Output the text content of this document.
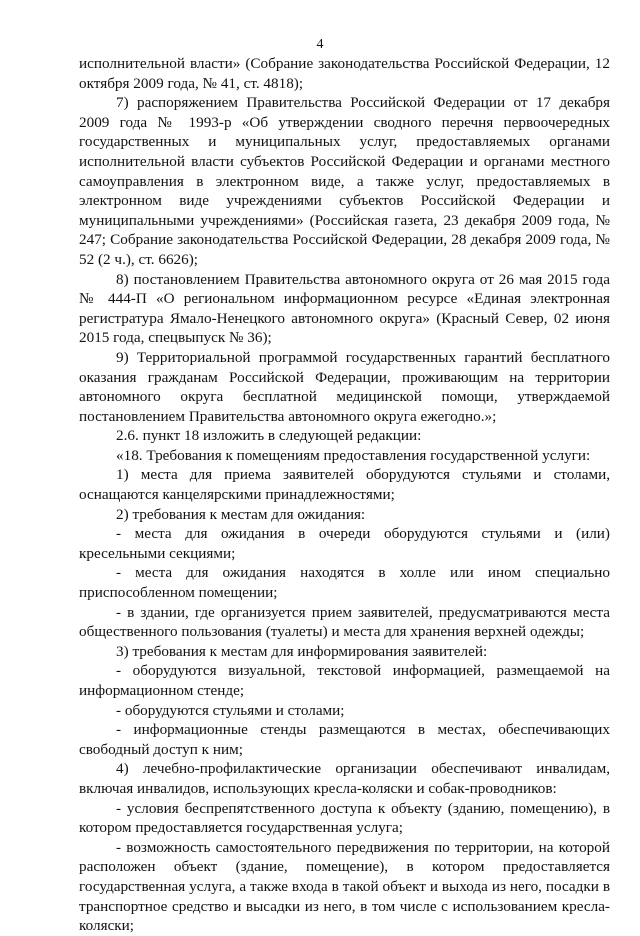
4

исполнительной власти» (Собрание законодательства Российской Федерации, 12 октября 2009 года, № 41, ст. 4818);

7) распоряжением Правительства Российской Федерации от 17 декабря 2009 года № 1993-р «Об утверждении сводного перечня первоочередных государственных и муниципальных услуг, предоставляемых органами исполнительной власти субъектов Российской Федерации и органами местного самоуправления в электронном виде, а также услуг, предоставляемых в электронном виде учреждениями субъектов Российской Федерации и муниципальными учреждениями» (Российская газета, 23 декабря 2009 года, № 247; Собрание законодательства Российской Федерации, 28 декабря 2009 года, № 52 (2 ч.), ст. 6626);

8) постановлением Правительства автономного округа от 26 мая 2015 года № 444-П «О региональном информационном ресурсе «Единая электронная регистратура Ямало-Ненецкого автономного округа» (Красный Север, 02 июня 2015 года, спецвыпуск № 36);

9) Территориальной программой государственных гарантий бесплатного оказания гражданам Российской Федерации, проживающим на территории автономного округа бесплатной медицинской помощи, утверждаемой постановлением Правительства автономного округа ежегодно.»;

2.6. пункт 18 изложить в следующей редакции:

«18. Требования к помещениям предоставления государственной услуги:

1) места для приема заявителей оборудуются стульями и столами, оснащаются канцелярскими принадлежностями;

2) требования к местам для ожидания:

- места для ожидания в очереди оборудуются стульями и (или) кресельными секциями;

- места для ожидания находятся в холле или ином специально приспособленном помещении;

- в здании, где организуется прием заявителей, предусматриваются места общественного пользования (туалеты) и места для хранения верхней одежды;

3) требования к местам для информирования заявителей:

- оборудуются визуальной, текстовой информацией, размещаемой на информационном стенде;

- оборудуются стульями и столами;

- информационные стенды размещаются в местах, обеспечивающих свободный доступ к ним;

4) лечебно-профилактические организации обеспечивают инвалидам, включая инвалидов, использующих кресла-коляски и собак-проводников:

- условия беспрепятственного доступа к объекту (зданию, помещению), в котором предоставляется государственная услуга;

- возможность самостоятельного передвижения по территории, на которой расположен объект (здание, помещение), в котором предоставляется государственная услуга, а также входа в такой объект и выхода из него, посадки в транспортное средство и высадки из него, в том числе с использованием кресла-коляски;
